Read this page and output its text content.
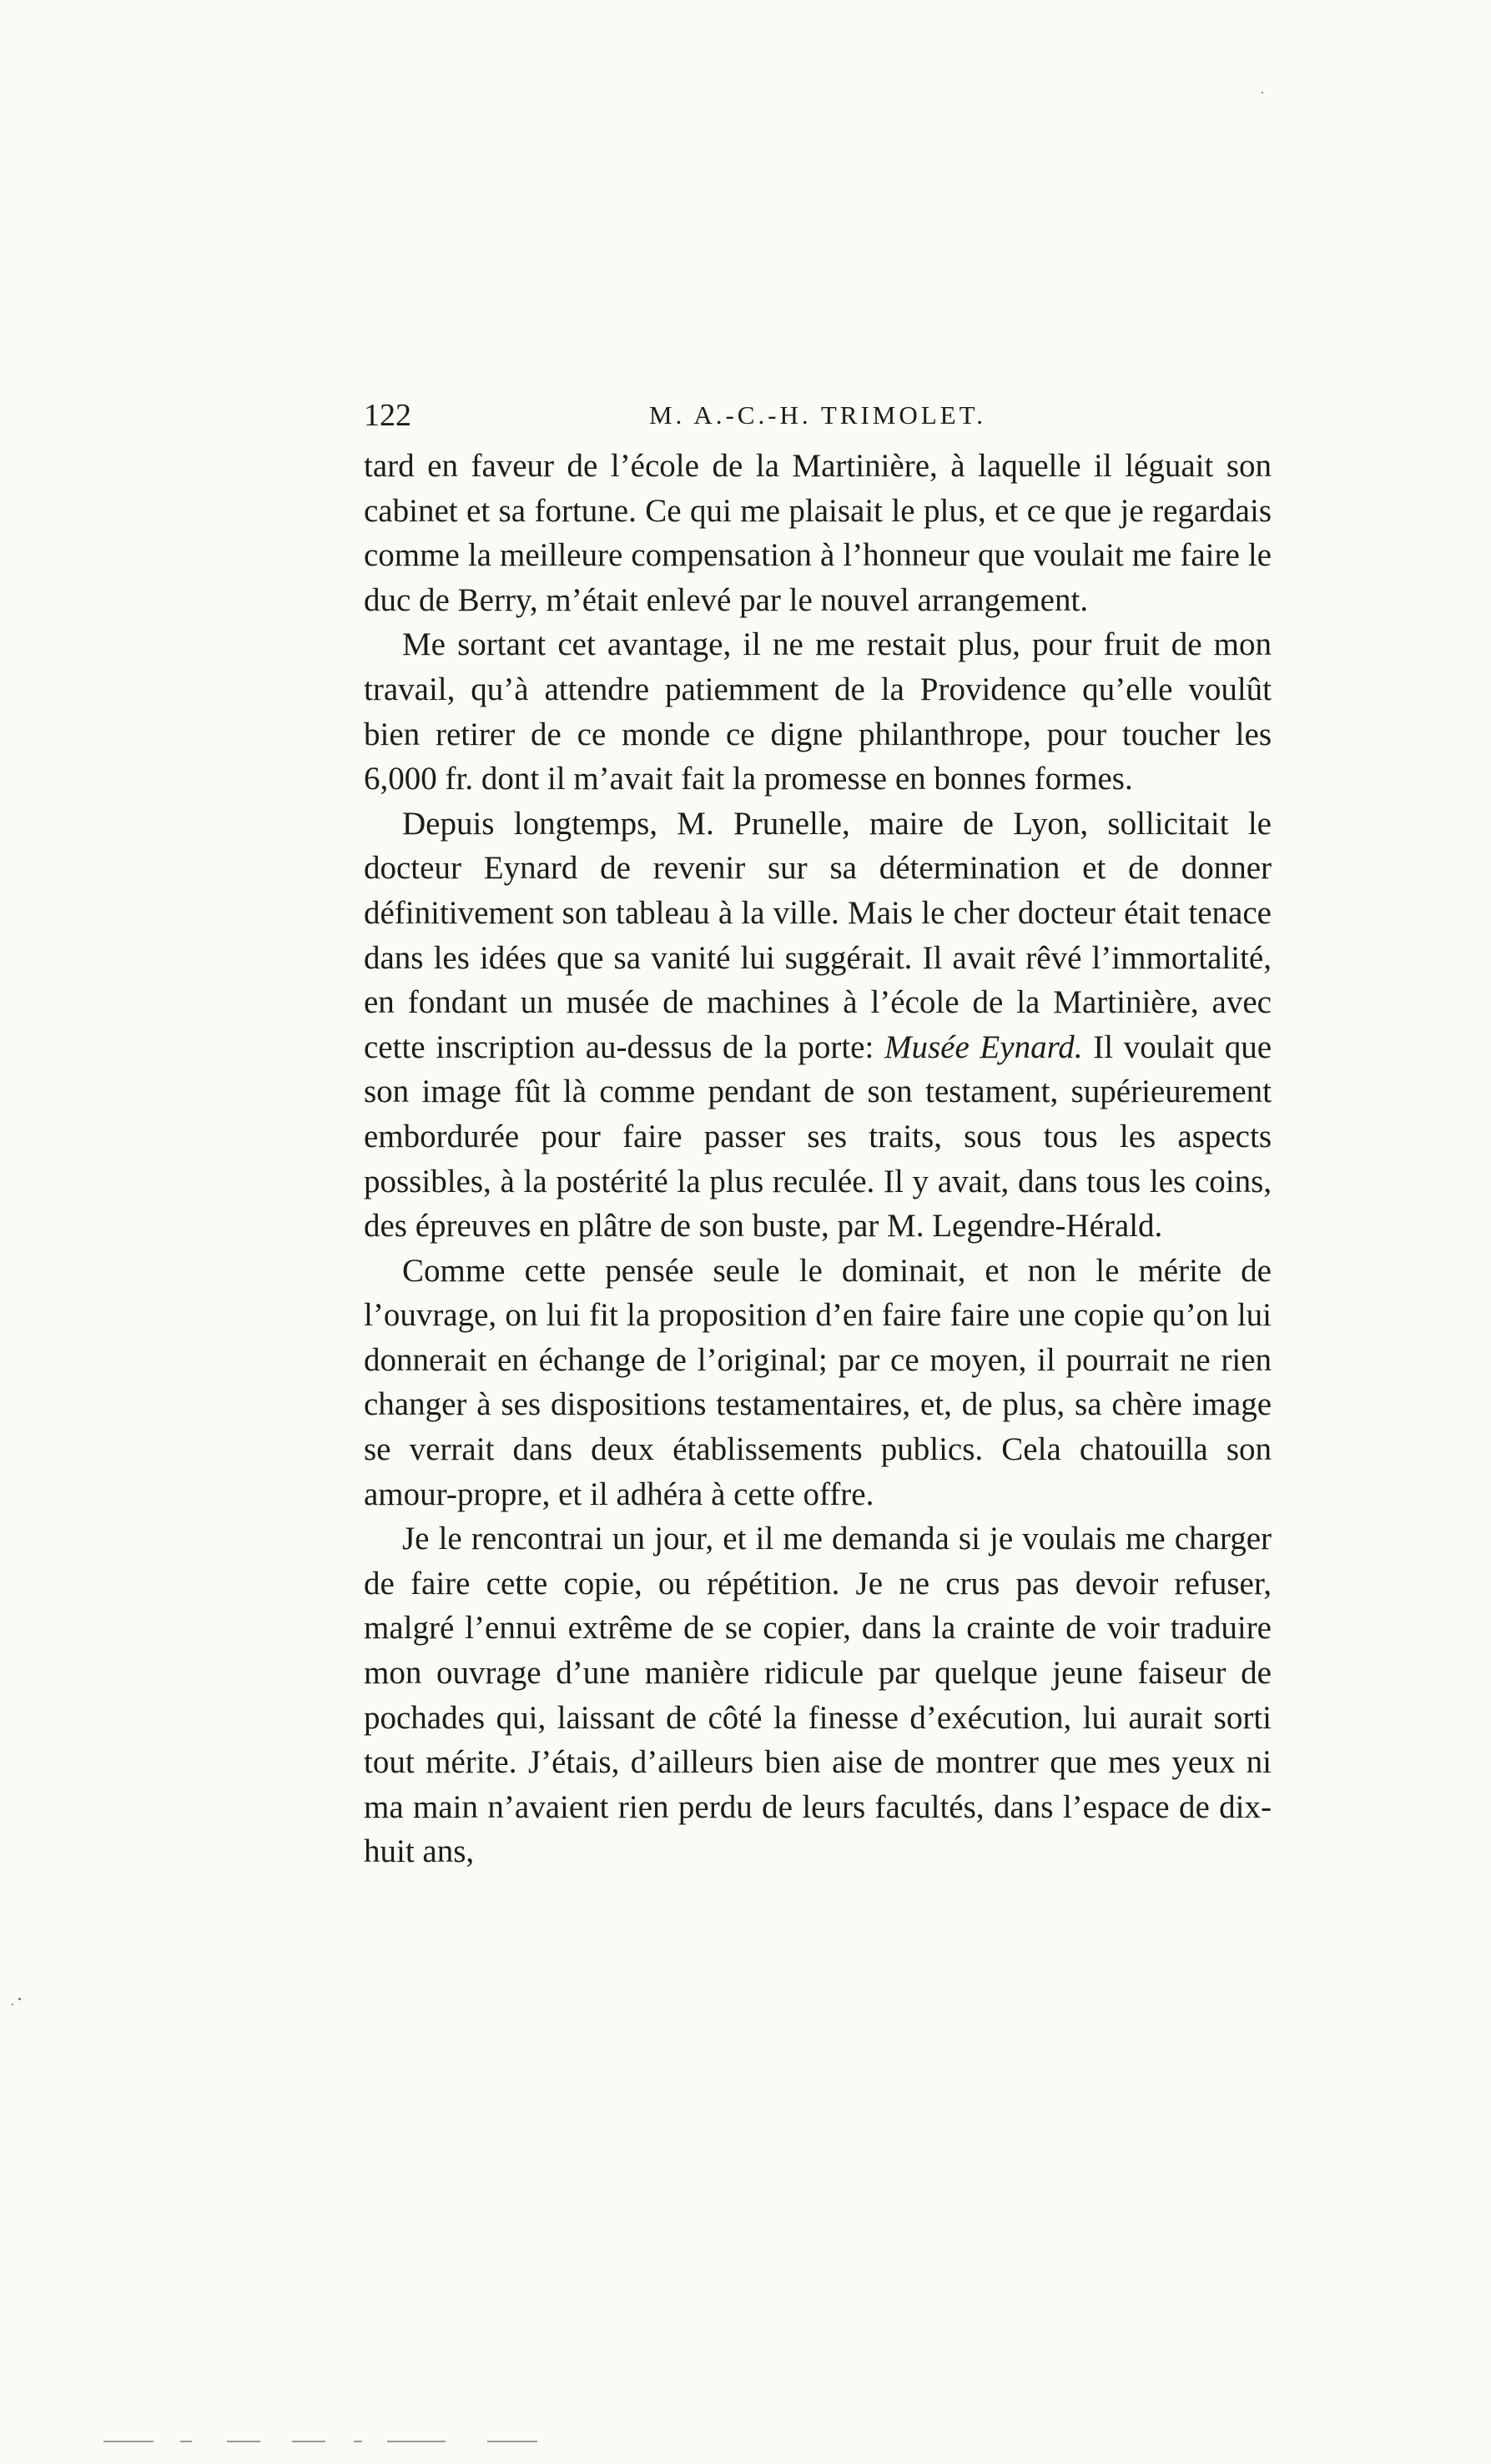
122	M. A.-C.-H. TRIMOLET.

tard en faveur de l’école de la Martinière, à laquelle il léguait son cabinet et sa fortune. Ce qui me plaisait le plus, et ce que je regardais comme la meilleure compensation à l’honneur que voulait me faire le duc de Berry, m’était enlevé par le nouvel arrangement.

Me sortant cet avantage, il ne me restait plus, pour fruit de mon travail, qu’à attendre patiemment de la Providence qu’elle voulût bien retirer de ce monde ce digne philanthrope, pour toucher les 6,000 fr. dont il m’avait fait la promesse en bonnes formes.

Depuis longtemps, M. Prunelle, maire de Lyon, sollicitait le docteur Eynard de revenir sur sa détermination et de donner définitivement son tableau à la ville. Mais le cher docteur était tenace dans les idées que sa vanité lui suggérait. Il avait rêvé l’immortalité, en fondant un musée de machines à l’école de la Martinière, avec cette inscription au-dessus de la porte: Musée Eynard. Il voulait que son image fût là comme pendant de son testament, supérieurement embordurée pour faire passer ses traits, sous tous les aspects possibles, à la postérité la plus reculée. Il y avait, dans tous les coins, des épreuves en plâtre de son buste, par M. Legendre-Hérald.

Comme cette pensée seule le dominait, et non le mérite de l’ouvrage, on lui fit la proposition d’en faire faire une copie qu’on lui donnerait en échange de l’original; par ce moyen, il pourrait ne rien changer à ses dispositions testamentaires, et, de plus, sa chère image se verrait dans deux établissements publics. Cela chatouilla son amour-propre, et il adhéra à cette offre.

Je le rencontrai un jour, et il me demanda si je voulais me charger de faire cette copie, ou répétition. Je ne crus pas devoir refuser, malgré l’ennui extrême de se copier, dans la crainte de voir traduire mon ouvrage d’une manière ridicule par quelque jeune faiseur de pochades qui, laissant de côté la finesse d’exécution, lui aurait sorti tout mérite. J’étais, d’ailleurs bien aise de montrer que mes yeux ni ma main n’avaient rien perdu de leurs facultés, dans l’espace de dix-huit ans,
